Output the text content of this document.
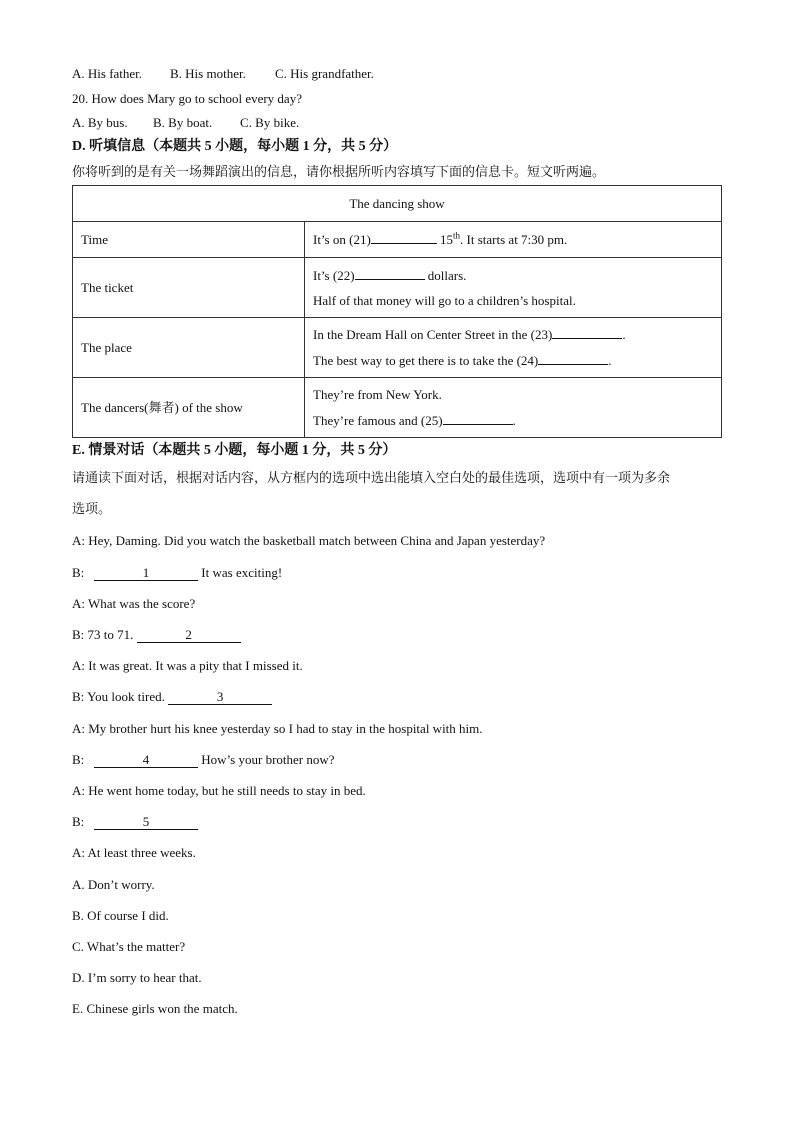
A. His father. B. His mother. C. His grandfather.
20. How does Mary go to school every day?
A. By bus. B. By boat. C. By bike.
D. 听填信息（本题共 5 小题，每小题 1 分，共 5 分）
你将听到的是有关一场舞蹈演出的信息，请你根据所听内容填写下面的信息卡。短文听两遍。
The dancing show	
Time	It’s on (21) 15th. It starts at 7:30 pm.

The ticket	It’s (22) dollars.
Half of that money will go to a children’s hospital.

The place	In the Dream Hall on Center Street in the (23) .
The best way to get there is to take the (24) .

The dancers(舞者) of the show	They’re from New York.
They’re famous and (25) .
E. 情景对话（本题共 5 小题，每小题 1 分，共 5 分）
请通读下面对话，根据对话内容，从方框内的选项中选出能填入空白处的最佳选项，选项中有一项为多余
选项。
A: Hey, Daming. Did you watch the basketball match between China and Japan yesterday?
B:	1	It was exciting!
A: What was the score?
B: 73 to 71.	2
A: It was great. It was a pity that I missed it.
B: You look tired.	3
A: My brother hurt his knee yesterday so I had to stay in the hospital with him.
B:	4	How’s your brother now?
A: He went home today, but he still needs to stay in bed.
B:	5
A: At least three weeks.
A. Don’t worry.
B. Of course I did.
C. What’s the matter?
D. I’m sorry to hear that.
E. Chinese girls won the match.
